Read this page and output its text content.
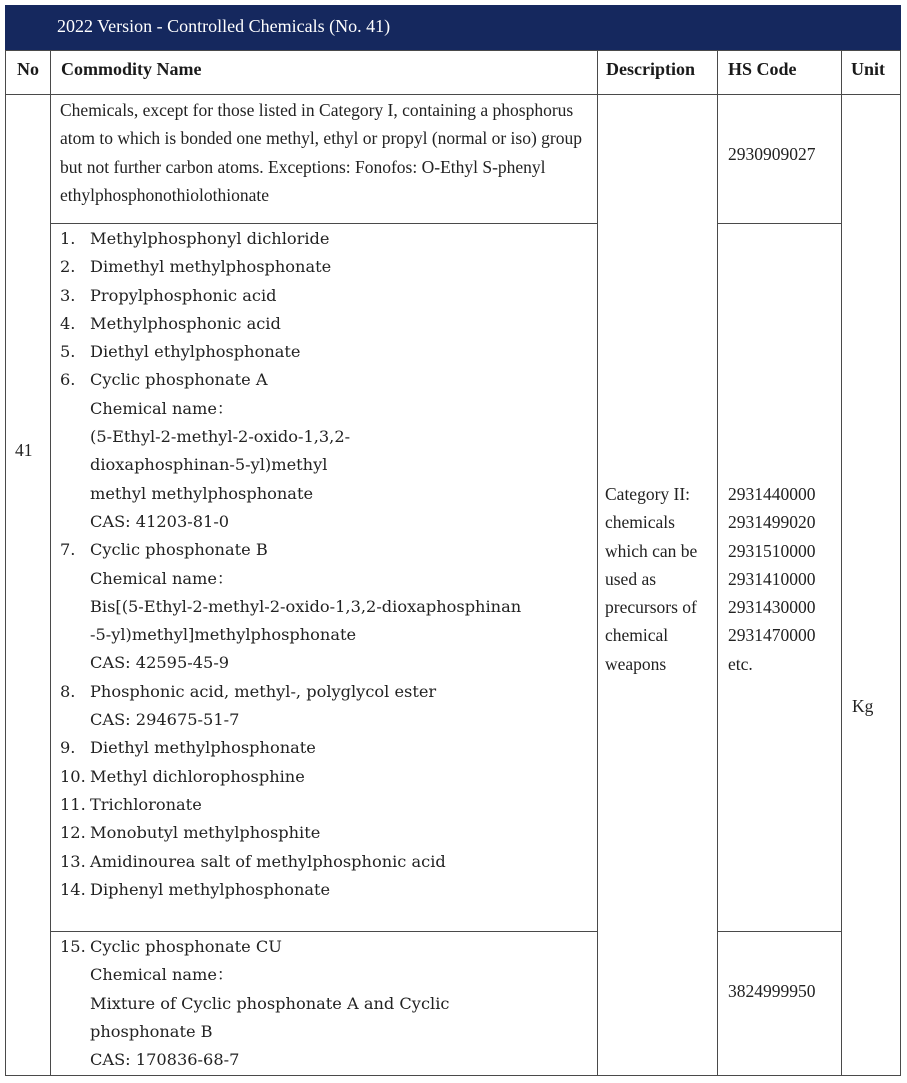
2022 Version - Controlled Chemicals (No. 41)
No Commodity Name	Description HS Code	Unit
41
Chemicals, except for those listed in Category I, containing a phosphorus atom to which is bonded one methyl, ethyl or propyl (normal or iso) group but not further carbon atoms. Exceptions: Fonofos: O-Ethyl S-phenyl ethylphosphonothiolothionate
2930909027
1. Methylphosphonyl dichloride
2. Dimethyl methylphosphonate
3. Propylphosphonic acid
4. Methylphosphonic acid
5. Diethyl ethylphosphonate
6. Cyclic phosphonate A
Chemical name：
(5-Ethyl-2-methyl-2-oxido-1,3,2-
dioxaphosphinan-5-yl)methyl
methyl methylphosphonate
CAS: 41203-81-0
7. Cyclic phosphonate B
Chemical name：
Bis[(5-Ethyl-2-methyl-2-oxido-1,3,2-dioxaphosphinan
-5-yl)methyl]methylphosphonate
CAS: 42595-45-9
8. Phosphonic acid, methyl-, polyglycol ester
CAS: 294675-51-7
9. Diethyl methylphosphonate
10. Methyl dichlorophosphine
11. Trichloronate
12. Monobutyl methylphosphite
13. Amidinourea salt of methylphosphonic acid
14. Diphenyl methylphosphonate
2931440000
2931499020
2931510000
2931410000
2931430000
2931470000
etc.
Category II: chemicals which can be used as precursors of chemical weapons
Kg
15. Cyclic phosphonate CU
Chemical name：
Mixture of Cyclic phosphonate A and Cyclic
phosphonate B
CAS: 170836-68-7
3824999950
